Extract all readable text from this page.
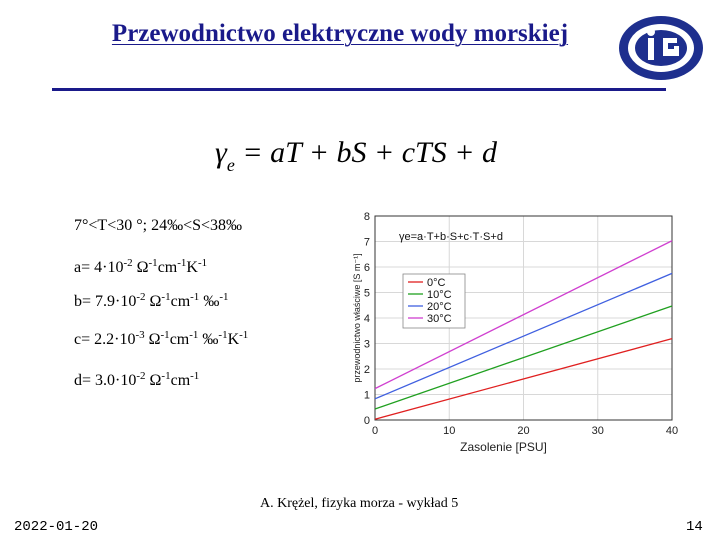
Przewodnictwo elektryczne wody morskiej
$\gamma_e$ = aT + bS + cTS + d
7°<T<30 °; 24‰<S<38‰
$a= 4\cdot 10^{-2}$ $\Omega^{-1}cm^{-1}K^{-1}$
$b= 7.9\cdot 10^{-2}$ $\Omega^{-1}cm^{-1}$ ‰$^{-1}$
$c= 2.2\cdot 10^{-3}$ $\Omega^{-1}cm^{-1}$ $‰^{-1}K^{-1}$
$d= 3.0\cdot 10^{-2}$ $\Omega^{-1}cm^{-1}$
0	10	20	30	40
0
1
2
3
4
5
6
7
8
Zasolenie [PSU]
przewodnictwo właściwe [S m⁻¹]
γe=a·T+b·S+c·T·S+d
0°C
10°C
20°C
30°C
A. Krężel, fizyka morza - wykład 5
2022-01-20	14
